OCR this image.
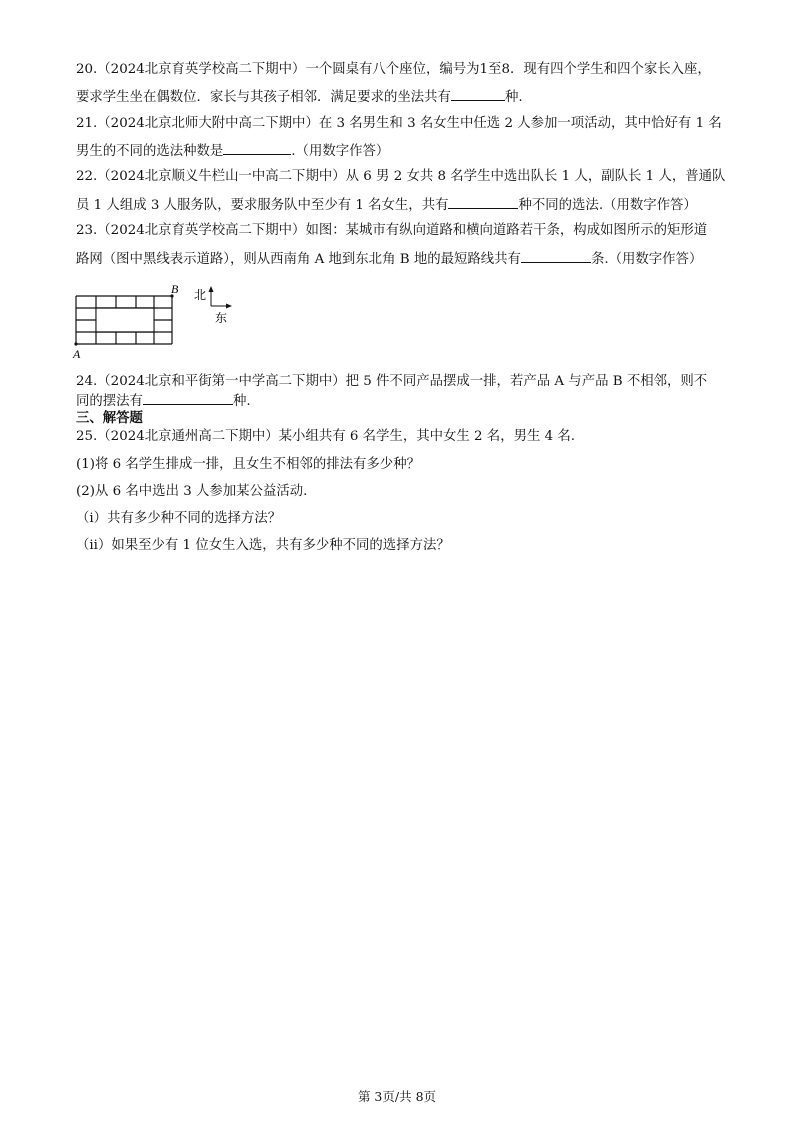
20.（2024北京育英学校高二下期中）一个圆桌有八个座位，编号为1至8．现有四个学生和四个家长入座，
要求学生坐在偶数位．家长与其孩子相邻．满足要求的坐法共有	种.
21.（2024北京北师大附中高二下期中）在 3 名男生和 3 名女生中任选 2 人参加一项活动，其中恰好有 1 名
男生的不同的选法种数是	.（用数字作答）
22.（2024北京顺义牛栏山一中高二下期中）从 6 男 2 女共 8 名学生中选出队长 1 人，副队长 1 人，普通队
员 1 人组成 3 人服务队，要求服务队中至少有 1 名女生，共有	种不同的选法.（用数字作答）
23.（2024北京育英学校高二下期中）如图：某城市有纵向道路和横向道路若干条，构成如图所示的矩形道
路网（图中黑线表示道路），则从西南角 A 地到东北角 B 地的最短路线共有	条.（用数字作答）
A
B 北
东
24.（2024北京和平街第一中学高二下期中）把 5 件不同产品摆成一排，若产品 A 与产品 B 不相邻，则不
同的摆法有	种.
三、解答题
25.（2024北京通州高二下期中）某小组共有 6 名学生，其中女生 2 名，男生 4 名.
(1)将 6 名学生排成一排，且女生不相邻的排法有多少种？
(2)从 6 名中选出 3 人参加某公益活动.
（i）共有多少种不同的选择方法？
（ii）如果至少有 1 位女生入选，共有多少种不同的选择方法？
第 3页/共 8页
